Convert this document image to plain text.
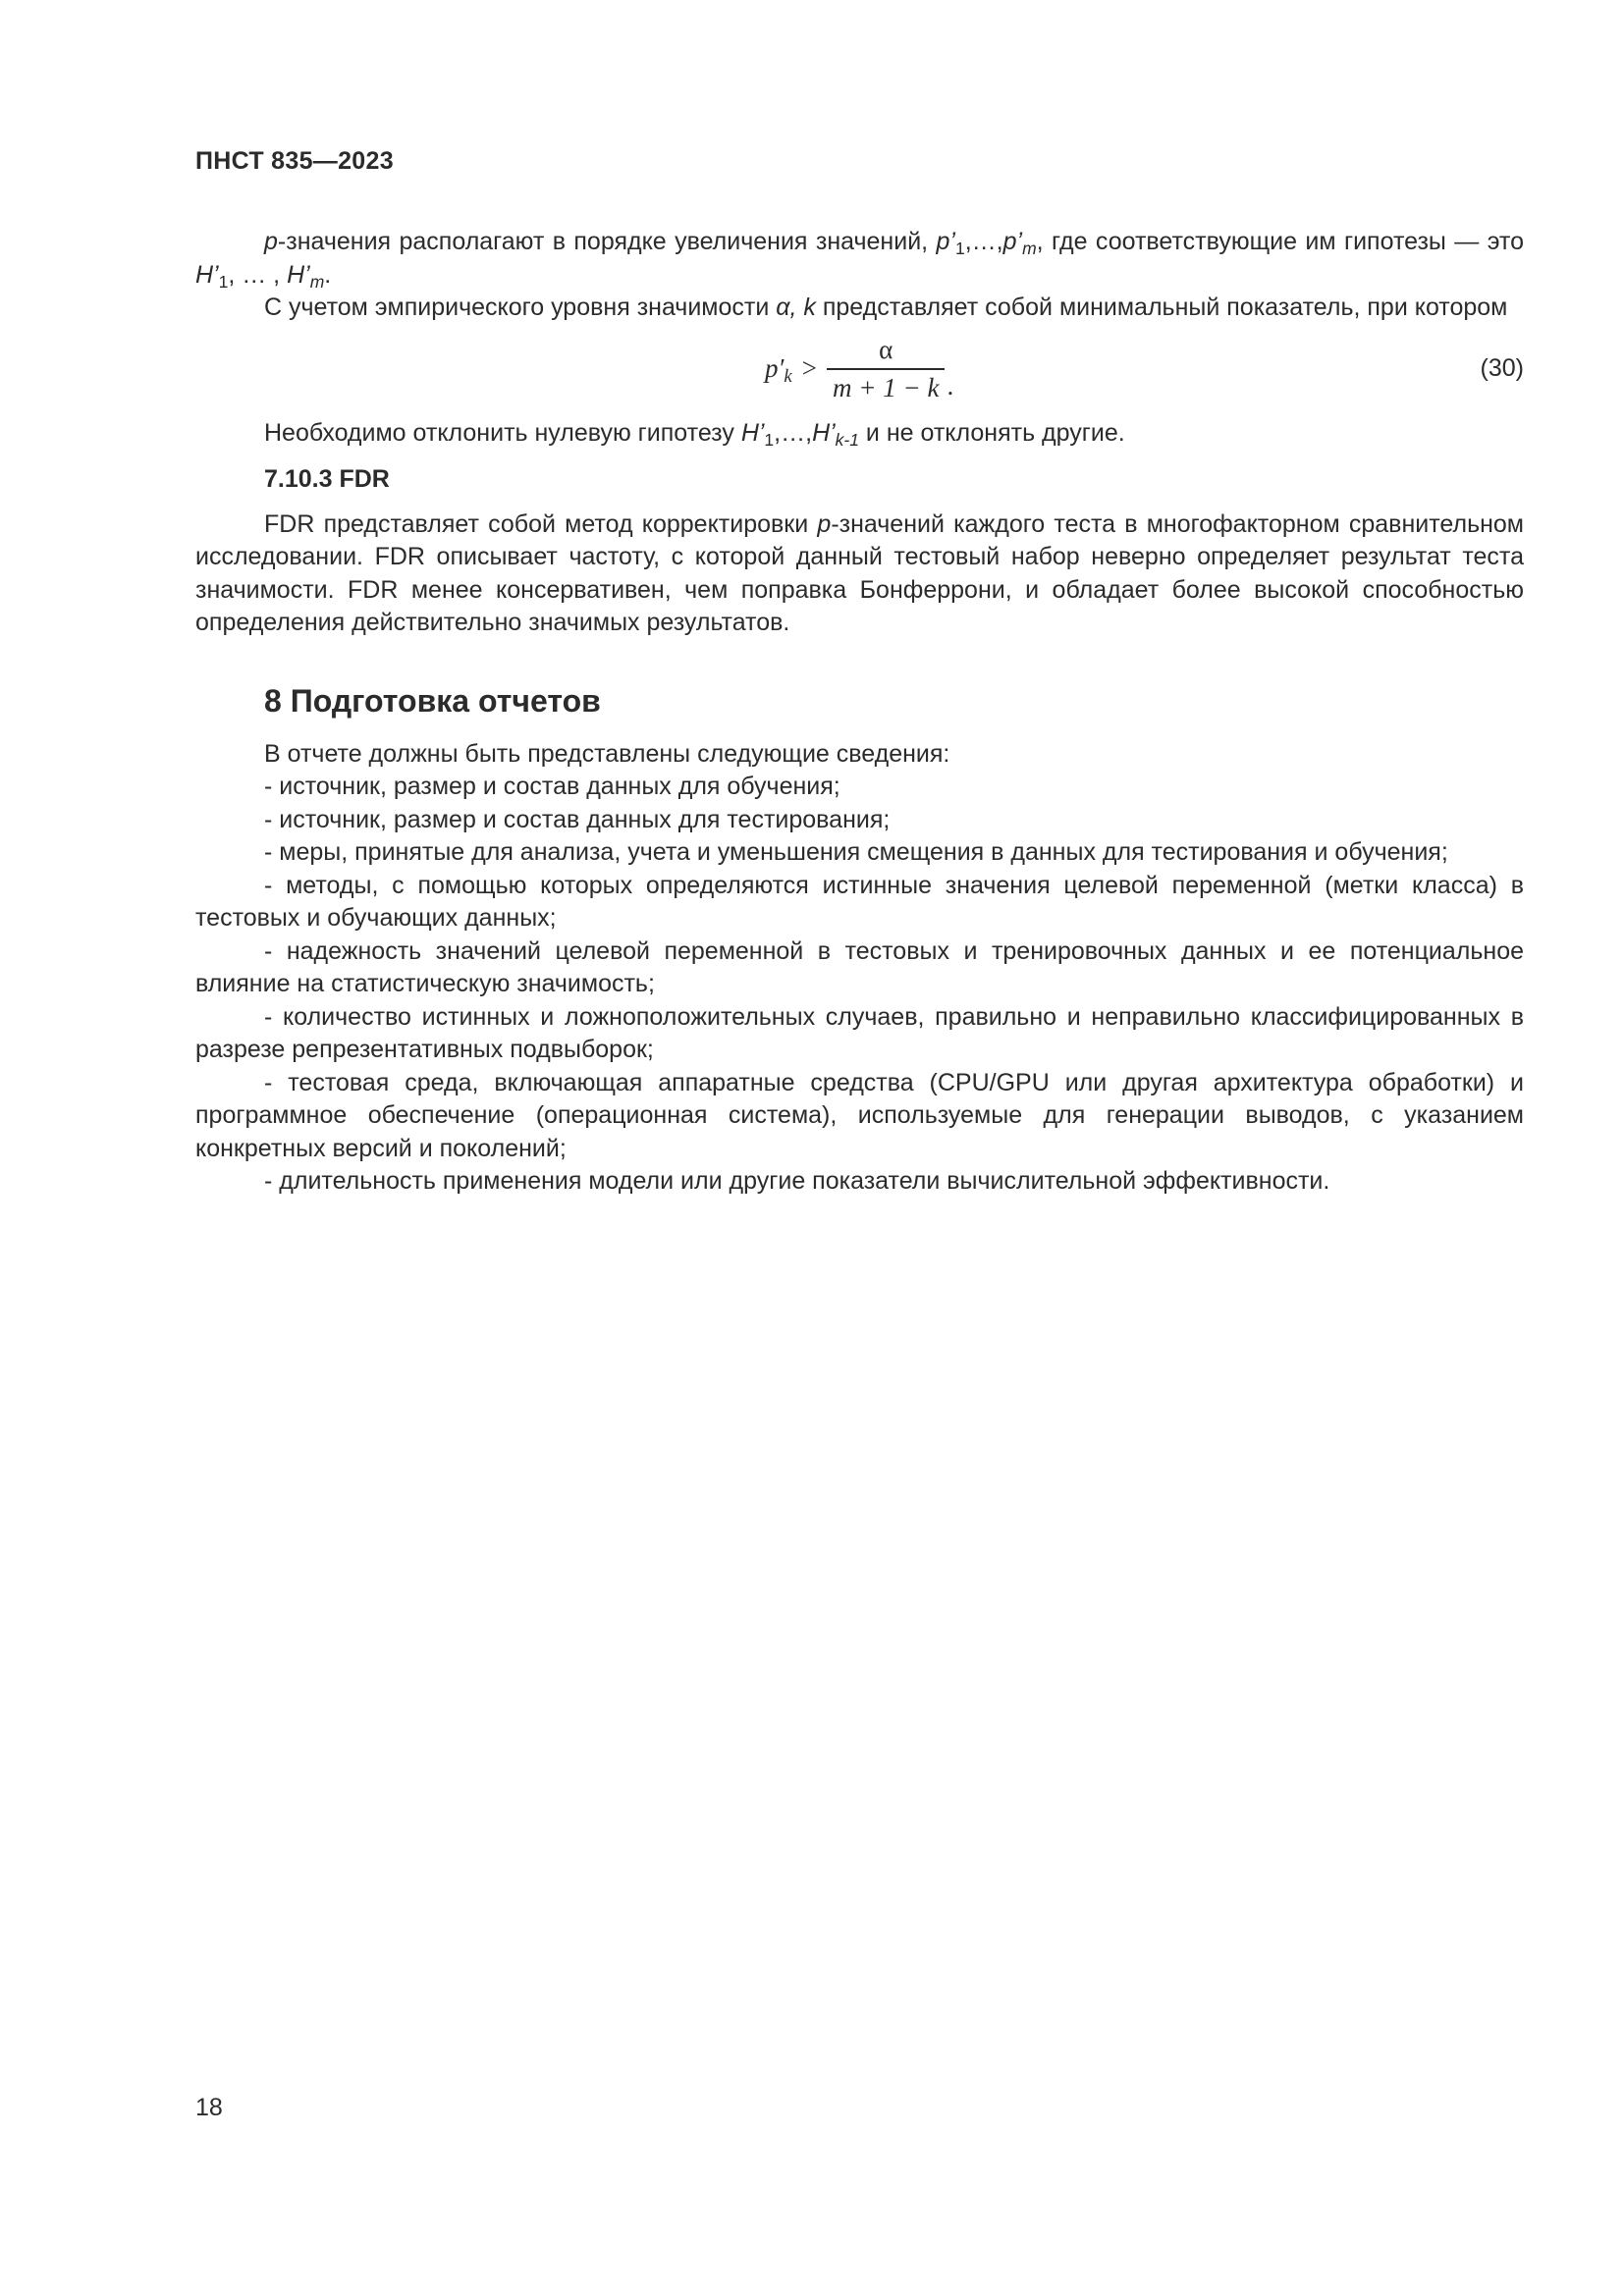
ПНСТ 835—2023

p-значения располагают в порядке увеличения значений, $p’_1,\dots,p’_m$, где соответствующие им гипотезы — это $H’_1$, … , $H’_m$.

С учетом эмпирического уровня значимости α, k представляет собой минимальный показатель, при котором

$p'_k > \frac{\alpha}{m + 1 - k}$ .
(30)

Необходимо отклонить нулевую гипотезу $H’_1,\dots,H’_{k-1}$ и не отклонять другие.

7.10.3 FDR

FDR представляет собой метод корректировки p-значений каждого теста в многофакторном сравнительном исследовании. FDR описывает частоту, с которой данный тестовый набор неверно определяет результат теста значимости. FDR менее консервативен, чем поправка Бонферрони, и обладает более высокой способностью определения действительно значимых результатов.

8 Подготовка отчетов

В отчете должны быть представлены следующие сведения:

- источник, размер и состав данных для обучения;

- источник, размер и состав данных для тестирования;

- меры, принятые для анализа, учета и уменьшения смещения в данных для тестирования и обучения;

- методы, с помощью которых определяются истинные значения целевой переменной (метки класса) в тестовых и обучающих данных;

- надежность значений целевой переменной в тестовых и тренировочных данных и ее потенциальное влияние на статистическую значимость;

- количество истинных и ложноположительных случаев, правильно и неправильно классифицированных в разрезе репрезентативных подвыборок;

- тестовая среда, включающая аппаратные средства (CPU/GPU или другая архитектура обработки) и программное обеспечение (операционная система), используемые для генерации выводов, с указанием конкретных версий и поколений;

- длительность применения модели или другие показатели вычислительной эффективности.

18
